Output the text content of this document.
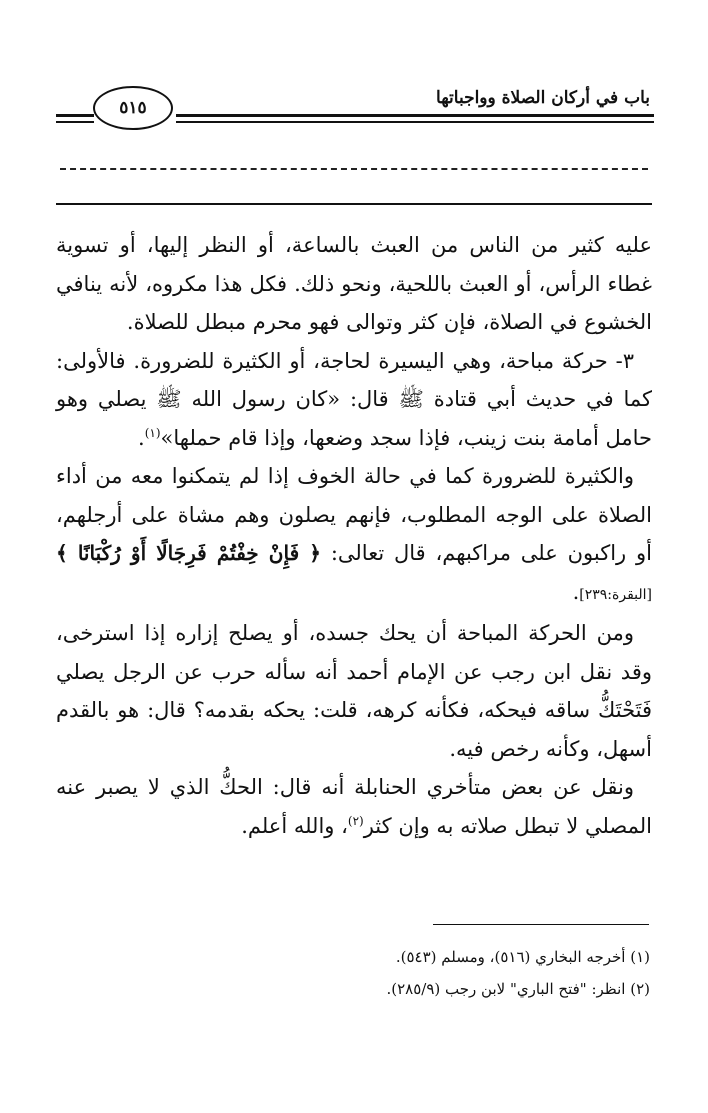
باب في أركان الصلاة وواجباتها
٥١٥

عليه كثير من الناس من العبث بالساعة، أو النظر إليها، أو تسوية غطاء الرأس، أو العبث باللحية، ونحو ذلك. فكل هذا مكروه، لأنه ينافي الخشوع في الصلاة، فإن كثر وتوالى فهو محرم مبطل للصلاة.

٣- حركة مباحة، وهي اليسيرة لحاجة، أو الكثيرة للضرورة. فالأولى: كما في حديث أبي قتادة ﷺ قال: «كان رسول الله ﷺ يصلي وهو حامل أمامة بنت زينب، فإذا سجد وضعها، وإذا قام حملها»$^{(١)}$.

والكثيرة للضرورة كما في حالة الخوف إذا لم يتمكنوا معه من أداء الصلاة على الوجه المطلوب، فإنهم يصلون وهم مشاة على أرجلهم، أو راكبون على مراكبهم، قال تعالى: ﴿ فَإِنْ خِفْتُمْ فَرِجَالًا أَوْ رُكْبَانًا ﴾ [البقرة:٢٣٩].

ومن الحركة المباحة أن يحك جسده، أو يصلح إزاره إذا استرخى، وقد نقل ابن رجب عن الإمام أحمد أنه سأله حرب عن الرجل يصلي فَتَحْتَكُّ ساقه فيحكه، فكأنه كرهه، قلت: يحكه بقدمه؟ قال: هو بالقدم أسهل، وكأنه رخص فيه.

ونقل عن بعض متأخري الحنابلة أنه قال: الحكُّ الذي لا يصبر عنه المصلي لا تبطل صلاته به وإن كثر$^{(٢)}$، والله أعلم.

(١) أخرجه البخاري (٥١٦)، ومسلم (٥٤٣).
(٢) انظر: "فتح الباري" لابن رجب (٢٨٥/٩).
